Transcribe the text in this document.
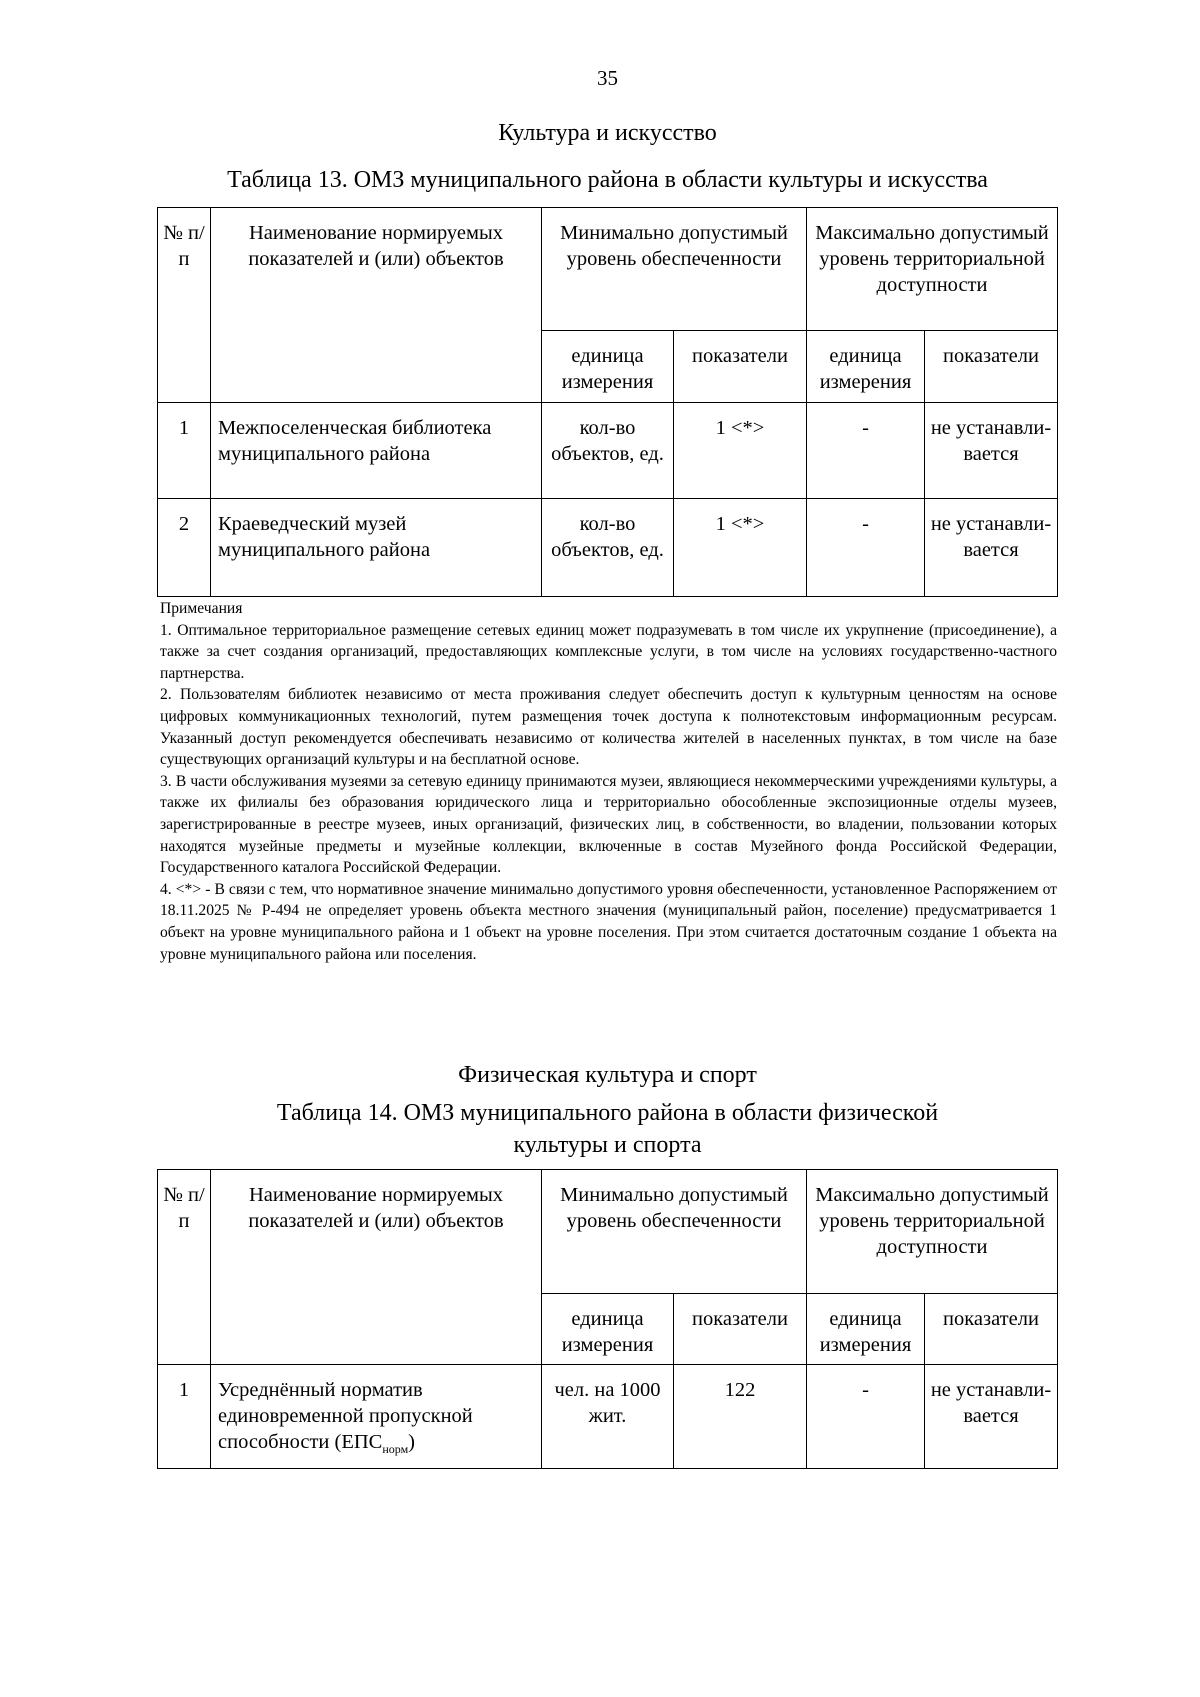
35
Культура и искусство
Таблица 13. ОМЗ муниципального района в области культуры и искусства
№ п/п	Наименование нормируемых показателей и (или) объектов	Минимально допустимый уровень обеспеченности		Максимально допустимый уровень территориальной доступности	
		единица измерения	показатели	единица измерения	показатели
1	Межпоселенческая библиотека муниципального района	кол-во объектов, ед.	1 <*>	-	не устанавли-вается
2	Краеведческий музей муниципального района	кол-во объектов, ед.	1 <*>	-	не устанавли-вается

Примечания

1. Оптимальное территориальное размещение сетевых единиц может подразумевать в том числе их укрупнение (присоединение), а также за счет создания организаций, предоставляющих комплексные услуги, в том числе на условиях государственно-частного партнерства.

2. Пользователям библиотек независимо от места проживания следует обеспечить доступ к культурным ценностям на основе цифровых коммуникационных технологий, путем размещения точек доступа к полнотекстовым информационным ресурсам. Указанный доступ рекомендуется обеспечивать независимо от количества жителей в населенных пунктах, в том числе на базе существующих организаций культуры и на бесплатной основе.

3. В части обслуживания музеями за сетевую единицу принимаются музеи, являющиеся некоммерческими учреждениями культуры, а также их филиалы без образования юридического лица и территориально обособленные экспозиционные отделы музеев, зарегистрированные в реестре музеев, иных организаций, физических лиц, в собственности, во владении, пользовании которых находятся музейные предметы и музейные коллекции, включенные в состав Музейного фонда Российской Федерации, Государственного каталога Российской Федерации.

4. <*> - В связи с тем, что нормативное значение минимально допустимого уровня обеспеченности, установленное Распоряжением от 18.11.2025 № Р-494 не определяет уровень объекта местного значения (муниципальный район, поселение) предусматривается 1 объект на уровне муниципального района и 1 объект на уровне поселения. При этом считается достаточным создание 1 объекта на уровне муниципального района или поселения.

Физическая культура и спорт
Таблица 14. ОМЗ муниципального района в области физической
культуры и спорта
№ п/п	Наименование нормируемых показателей и (или) объектов	Минимально допустимый уровень обеспеченности		Максимально допустимый уровень территориальной доступности	
		единица измерения	показатели	единица измерения	показатели
1	Усреднённый норматив единовременной пропускной способности $(ЕПС_{норм})$	чел. на 1000 жит.	122	-	не устанавли-вается
